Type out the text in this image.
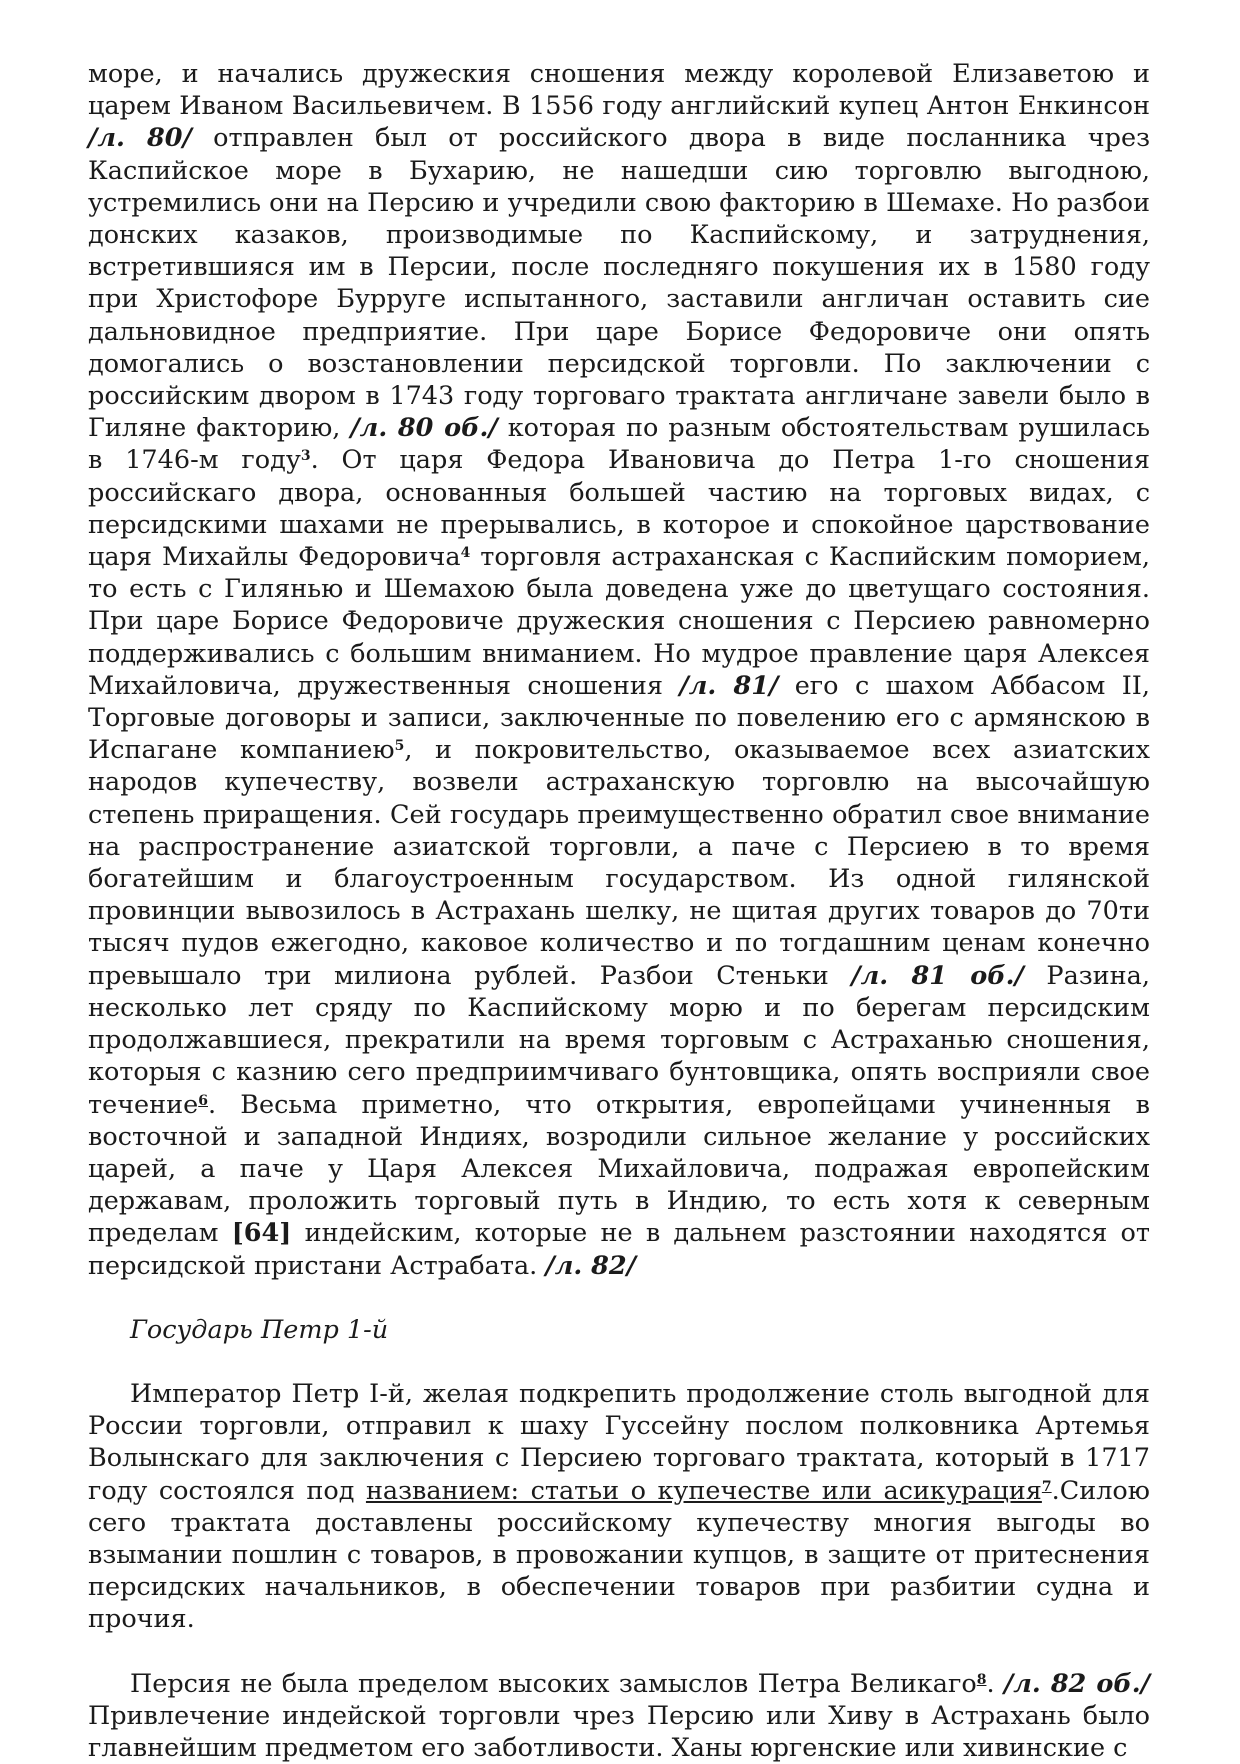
море, и начались дружеския сношения между королевой Елизаветою и царем Иваном Васильевичем. В 1556 году английский купец Антон Енкинсон /л. 80/ отправлен был от российского двора в виде посланника чрез Каспийское море в Бухарию, не нашедши сию торговлю выгодною, устремились они на Персию и учредили свою факторию в Шемахе. Но разбои донских казаков, производимые по Каспийскому, и затруднения, встретившияся им в Персии, после последняго покушения их в 1580 году при Христофоре Бурруге испытанного, заставили англичан оставить сие дальновидное предприятие. При царе Борисе Федоровиче они опять домогались о возстановлении персидской торговли. По заключении с российским двором в 1743 году торговаго трактата англичане завели было в Гиляне факторию, /л. 80 об./ которая по разным обстоятельствам рушилась в 1746-м году$^3$. От царя Федора Ивановича до Петра 1-го сношения российскаго двора, основанныя большей частию на торговых видах, с персидскими шахами не прерывались, в которое и спокойное царствование царя Михайлы Федоровича$^4$ торговля астраханская с Каспийским поморием, то есть с Гилянью и Шемахою была доведена уже до цветущаго состояния. При царе Борисе Федоровиче дружеския сношения с Персиею равномерно поддерживались с большим вниманием. Но мудрое правление царя Алексея Михайловича, дружественныя сношения /л. 81/ его с шахом Аббасом II, Торговые договоры и записи, заключенные по повелению его с армянскою в Испагане компаниею$^5$, и покровительство, оказываемое всех азиатских народов купечеству, возвели астраханскую торговлю на высочайшую степень приращения. Сей государь преимущественно обратил свое внимание на распространение азиатской торговли, а паче с Персиею в то время богатейшим и благоустроенным государством. Из одной гилянской провинции вывозилось в Астрахань шелку, не щитая других товаров до 70ти тысяч пудов ежегодно, каковое количество и по тогдашним ценам конечно превышало три милиона рублей. Разбои Стеньки /л. 81 об./ Разина, несколько лет сряду по Каспийскому морю и по берегам персидским продолжавшиеся, прекратили на время торговым с Астраханью сношения, которыя с казнию сего предприимчиваго бунтовщика, опять восприяли свое течение$^6$. Весьма приметно, что открытия, европейцами учиненныя в восточной и западной Индиях, возродили сильное желание у российских царей, а паче у Царя Алексея Михайловича, подражая европейским державам, проложить торговый путь в Индию, то есть хотя к северным пределам [64] индейским, которые не в дальнем разстоянии находятся от персидской пристани Астрабата. /л. 82/

Государь Петр 1-й

Император Петр I-й, желая подкрепить продолжение столь выгодной для России торговли, отправил к шаху Гуссейну послом полковника Артемья Волынскаго для заключения с Персиею торговаго трактата, который в 1717 году состоялся под названием: статьи о купечестве или асикурация$^7$.Силою сего трактата доставлены российскому купечеству многия выгоды во взымании пошлин с товаров, в провожании купцов, в защите от притеснения персидских начальников, в обеспечении товаров при разбитии судна и прочия.

Персия не была пределом высоких замыслов Петра Великаго$^8$. /л. 82 об./ Привлечение индейской торговли чрез Персию или Хиву в Астрахань было главнейшим предметом его заботливости. Ханы юргенские или хивинские с
